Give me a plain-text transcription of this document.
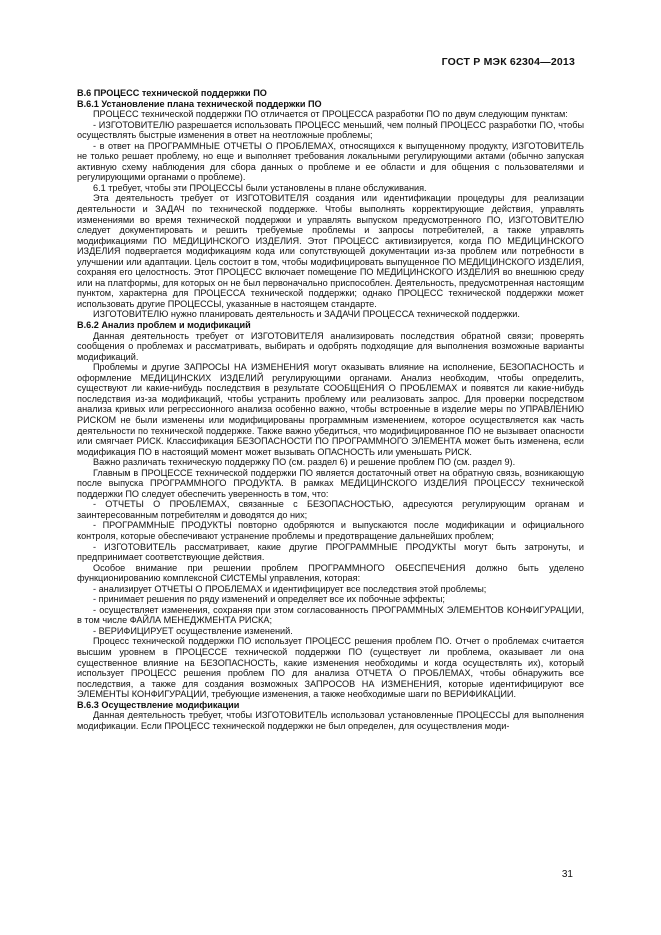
ГОСТ Р МЭК 62304—2013

В.6 ПРОЦЕСС технической поддержки ПО

В.6.1 Установление плана технической поддержки ПО

ПРОЦЕСС технической поддержки ПО отличается от ПРОЦЕССА разработки ПО по двум следующим пунктам:

- ИЗГОТОВИТЕЛЮ разрешается использовать ПРОЦЕСС меньший, чем полный ПРОЦЕСС разработки ПО, чтобы осуществлять быстрые изменения в ответ на неотложные проблемы;

- в ответ на ПРОГРАММНЫЕ ОТЧЕТЫ О ПРОБЛЕМАХ, относящихся к выпущенному продукту, ИЗГОТОВИТЕЛЬ не только решает проблему, но еще и выполняет требования локальными регулирующими актами (обычно запуская активную схему наблюдения для сбора данных о проблеме и ее области и для общения с пользователями и регулирующими органами о проблеме).

6.1 требует, чтобы эти ПРОЦЕССЫ были установлены в плане обслуживания.

Эта деятельность требует от ИЗГОТОВИТЕЛЯ создания или идентификации процедуры для реализации деятельности и ЗАДАЧ по технической поддержке. Чтобы выполнять корректирующие действия, управлять изменениями во время технической поддержки и управлять выпуском предусмотренного ПО, ИЗГОТОВИТЕЛЮ следует документировать и решить требуемые проблемы и запросы потребителей, а также управлять модификациями ПО МЕДИЦИНСКОГО ИЗДЕЛИЯ. Этот ПРОЦЕСС активизируется, когда ПО МЕДИЦИНСКОГО ИЗДЕЛИЯ подвергается модификациям кода или сопутствующей документации из-за проблем или потребности в улучшении или адаптации. Цель состоит в том, чтобы модифицировать выпущенное ПО МЕДИЦИНСКОГО ИЗДЕЛИЯ, сохраняя его целостность. Этот ПРОЦЕСС включает помещение ПО МЕДИЦИНСКОГО ИЗДЕЛИЯ во внешнюю среду или на платформы, для которых он не был первоначально приспособлен. Деятельность, предусмотренная настоящим пунктом, характерна для ПРОЦЕССА технической поддержки; однако ПРОЦЕСС технической поддержки может использовать другие ПРОЦЕССЫ, указанные в настоящем стандарте.

ИЗГОТОВИТЕЛЮ нужно планировать деятельность и ЗАДАЧИ ПРОЦЕССА технической поддержки.

В.6.2 Анализ проблем и модификаций

Данная деятельность требует от ИЗГОТОВИТЕЛЯ анализировать последствия обратной связи; проверять сообщения о проблемах и рассматривать, выбирать и одобрять подходящие для выполнения возможные варианты модификаций.

Проблемы и другие ЗАПРОСЫ НА ИЗМЕНЕНИЯ могут оказывать влияние на исполнение, БЕЗОПАСНОСТЬ и оформление МЕДИЦИНСКИХ ИЗДЕЛИЙ регулирующими органами. Анализ необходим, чтобы определить, существуют ли какие-нибудь последствия в результате СООБЩЕНИЯ О ПРОБЛЕМАХ и появятся ли какие-нибудь последствия из-за модификаций, чтобы устранить проблему или реализовать запрос. Для проверки посредством анализа кривых или регрессионного анализа особенно важно, чтобы встроенные в изделие меры по УПРАВЛЕНИЮ РИСКОМ не были изменены или модифицированы программным изменением, которое осуществляется как часть деятельности по технической поддержке. Также важно убедиться, что модифицированное ПО не вызывает опасности или смягчает РИСК. Классификация БЕЗОПАСНОСТИ ПО ПРОГРАММНОГО ЭЛЕМЕНТА может быть изменена, если модификация ПО в настоящий момент может вызывать ОПАСНОСТЬ или уменьшать РИСК.

Важно различать техническую поддержку ПО (см. раздел 6) и решение проблем ПО (см. раздел 9).

Главным в ПРОЦЕССЕ технической поддержки ПО является достаточный ответ на обратную связь, возникающую после выпуска ПРОГРАММНОГО ПРОДУКТА. В рамках МЕДИЦИНСКОГО ИЗДЕЛИЯ ПРОЦЕССУ технической поддержки ПО следует обеспечить уверенность в том, что:

- ОТЧЕТЫ О ПРОБЛЕМАХ, связанные с БЕЗОПАСНОСТЬЮ, адресуются регулирующим органам и заинтересованным потребителям и доводятся до них;

- ПРОГРАММНЫЕ ПРОДУКТЫ повторно одобряются и выпускаются после модификации и официального контроля, которые обеспечивают устранение проблемы и предотвращение дальнейших проблем;

- ИЗГОТОВИТЕЛЬ рассматривает, какие другие ПРОГРАММНЫЕ ПРОДУКТЫ могут быть затронуты, и предпринимает соответствующие действия.

Особое внимание при решении проблем ПРОГРАММНОГО ОБЕСПЕЧЕНИЯ должно быть уделено функционированию комплексной СИСТЕМЫ управления, которая:

- анализирует ОТЧЕТЫ О ПРОБЛЕМАХ и идентифицирует все последствия этой проблемы;

- принимает решения по ряду изменений и определяет все их побочные эффекты;

- осуществляет изменения, сохраняя при этом согласованность ПРОГРАММНЫХ ЭЛЕМЕНТОВ КОНФИГУРАЦИИ, в том числе ФАЙЛА МЕНЕДЖМЕНТА РИСКА;

- ВЕРИФИЦИРУЕТ осуществление изменений.

Процесс технической поддержки ПО использует ПРОЦЕСС решения проблем ПО. Отчет о проблемах считается высшим уровнем в ПРОЦЕССЕ технической поддержки ПО (существует ли проблема, оказывает ли она существенное влияние на БЕЗОПАСНОСТЬ, какие изменения необходимы и когда осуществлять их), который использует ПРОЦЕСС решения проблем ПО для анализа ОТЧЕТА О ПРОБЛЕМАХ, чтобы обнаружить все последствия, а также для создания возможных ЗАПРОСОВ НА ИЗМЕНЕНИЯ, которые идентифицируют все ЭЛЕМЕНТЫ КОНФИГУРАЦИИ, требующие изменения, а также необходимые шаги по ВЕРИФИКАЦИИ.

В.6.3 Осуществление модификации

Данная деятельность требует, чтобы ИЗГОТОВИТЕЛЬ использовал установленные ПРОЦЕССЫ для выполнения модификации. Если ПРОЦЕСС технической поддержки не был определен, для осуществления моди-

31
